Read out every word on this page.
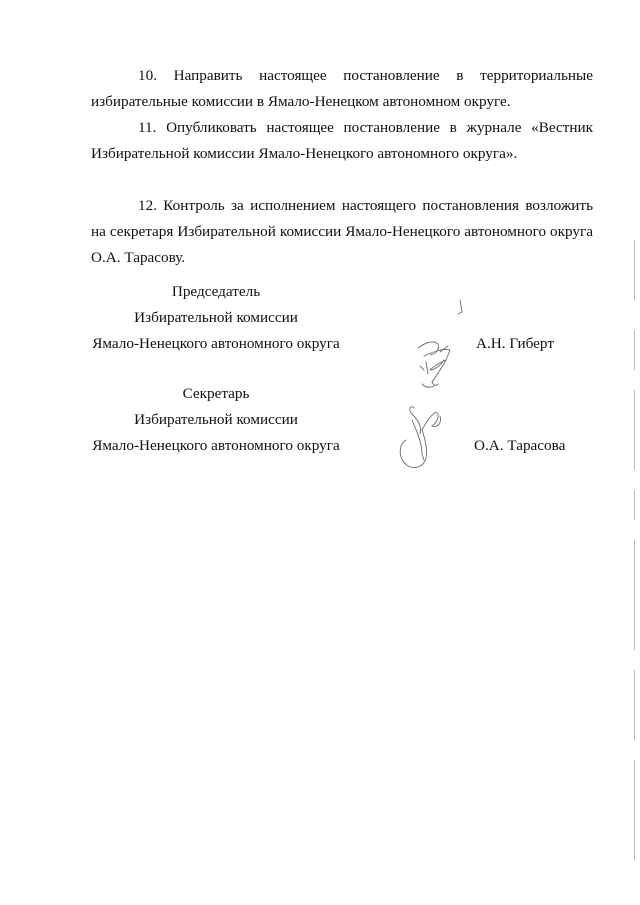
10. Направить настоящее постановление в территориальные избирательные комиссии в Ямало-Ненецком автономном округе.

11. Опубликовать настоящее постановление в журнале «Вестник Избирательной комиссии Ямало-Ненецкого автономного округа».

12. Контроль за исполнением настоящего постановления возложить на секретаря Избирательной комиссии Ямало-Ненецкого автономного округа О.А. Тарасову.

Председатель
Избирательной комиссии
Ямало-Ненецкого автономного округа	А.Н. Гиберт
Секретарь
Избирательной комиссии
Ямало-Ненецкого автономного округа	О.А. Тарасова
